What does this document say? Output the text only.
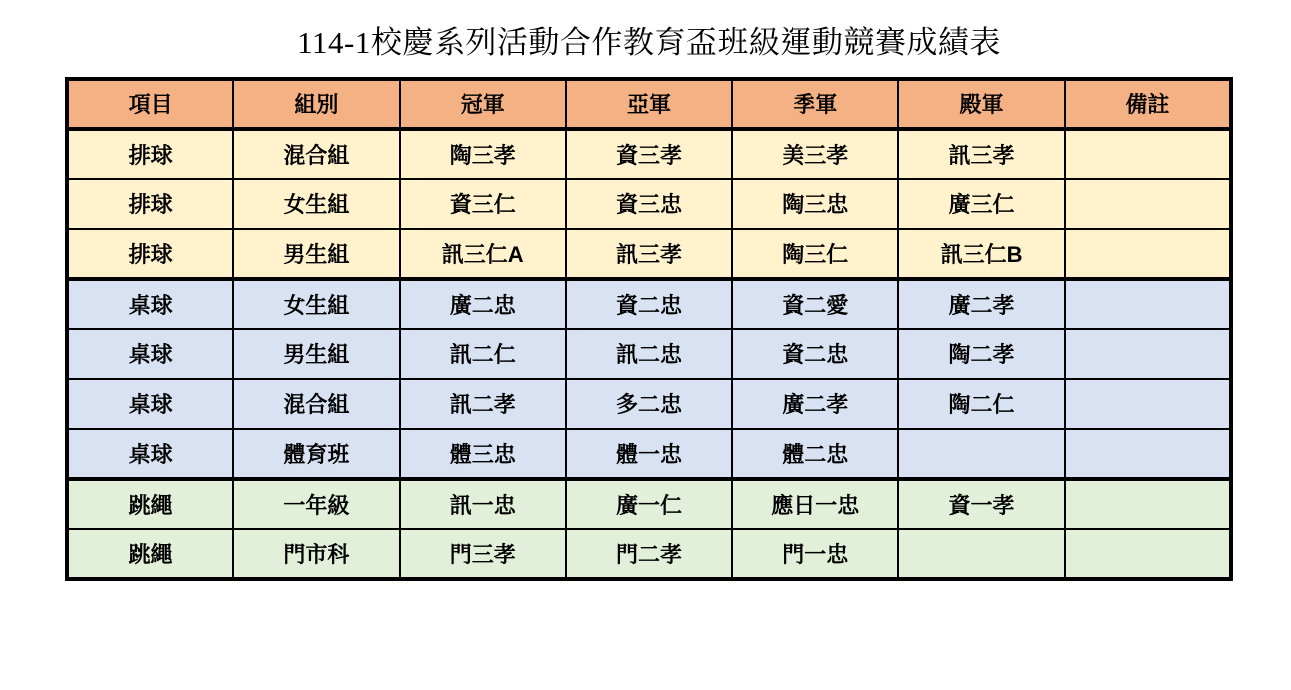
114-1校慶系列活動合作教育盃班級運動競賽成績表
項目	組別	冠軍	亞軍	季軍	殿軍	備註
排球	混合組	陶三孝	資三孝	美三孝	訊三孝	
排球	女生組	資三仁	資三忠	陶三忠	廣三仁	
排球	男生組	訊三仁A	訊三孝	陶三仁	訊三仁B	
桌球	女生組	廣二忠	資二忠	資二愛	廣二孝	
桌球	男生組	訊二仁	訊二忠	資二忠	陶二孝	
桌球	混合組	訊二孝	多二忠	廣二孝	陶二仁	
桌球	體育班	體三忠	體一忠	體二忠		
跳繩	一年級	訊一忠	廣一仁	應日一忠	資一孝	
跳繩	門市科	門三孝	門二孝	門一忠		
